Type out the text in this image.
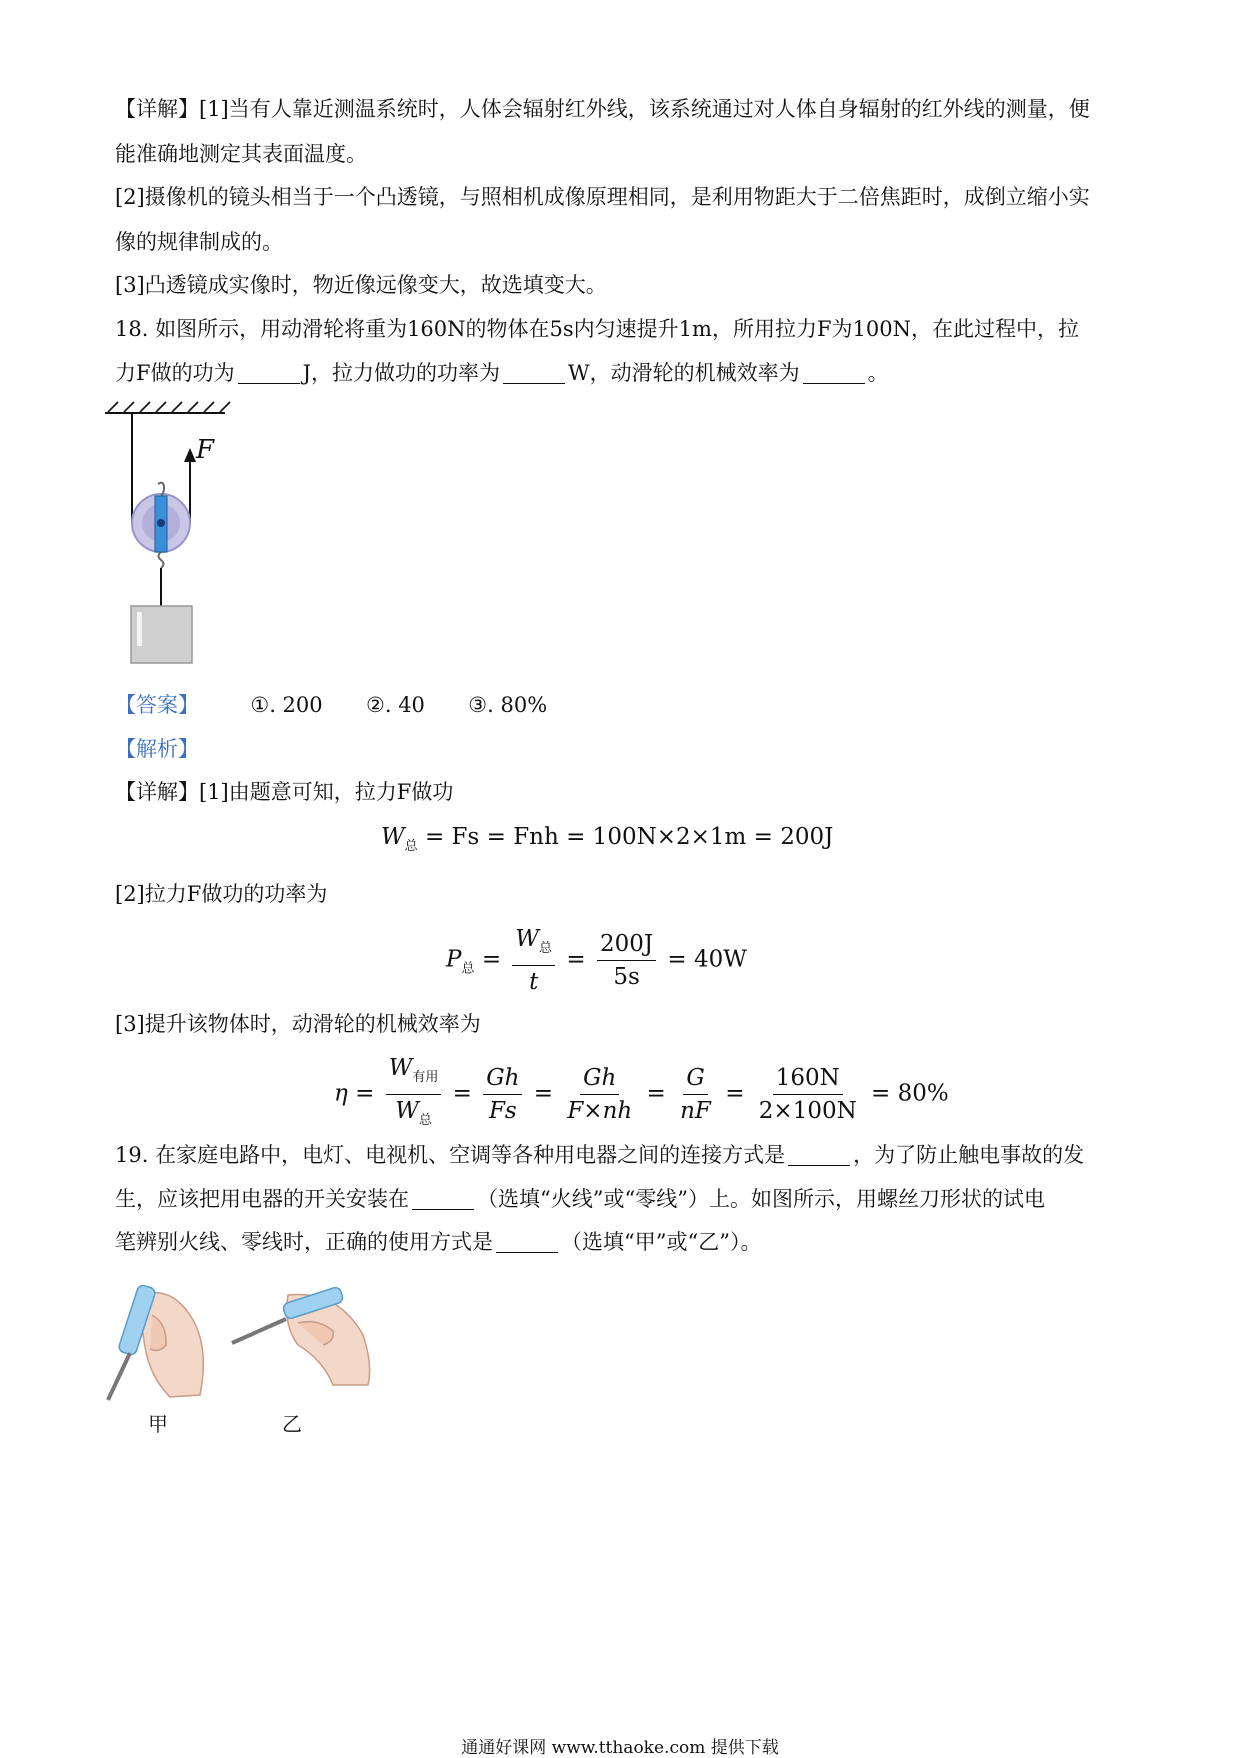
【详解】[1]当有人靠近测温系统时，人体会辐射红外线，该系统通过对人体自身辐射的红外线的测量，便
能准确地测定其表面温度。
[2]摄像机的镜头相当于一个凸透镜，与照相机成像原理相同，是利用物距大于二倍焦距时，成倒立缩小实
像的规律制成的。
[3]凸透镜成实像时，物近像远像变大，故选填变大。
18. 如图所示，用动滑轮将重为160N的物体在5s内匀速提升1m，所用拉力F为100N，在此过程中，拉
力F做的功为	J，拉力做功的功率为	W，动滑轮的机械效率为	。
F
【答案】 ①. 200 ②. 40 ③. 80%
【解析】
【详解】[1]由题意可知，拉力F做功
$W_总 = Fs$ = Fnh = 100N×2×1m = 200J
[2]拉力F做功的功率为
$P_总 = \frac{W_总}{t} = \frac{200J}{5s} = 40W$
[3]提升该物体时，动滑轮的机械效率为
$\eta = \frac{W_{有用}}{W_总} = \frac{Gh}{Fs} = \frac{Gh}{F\times nh} = \frac{G}{nF} = \frac{160N}{2\times 100N} = 80\%$
19. 在家庭电路中，电灯、电视机、空调等各种用电器之间的连接方式是	，为了防止触电事故的发
生，应该把用电器的开关安装在	（选填“火线”或“零线”）上。如图所示，用螺丝刀形状的试电
笔辨别火线、零线时，正确的使用方式是	（选填“甲”或“乙”）。
甲	乙
通通好课网 www.tthaoke.com 提供下载
